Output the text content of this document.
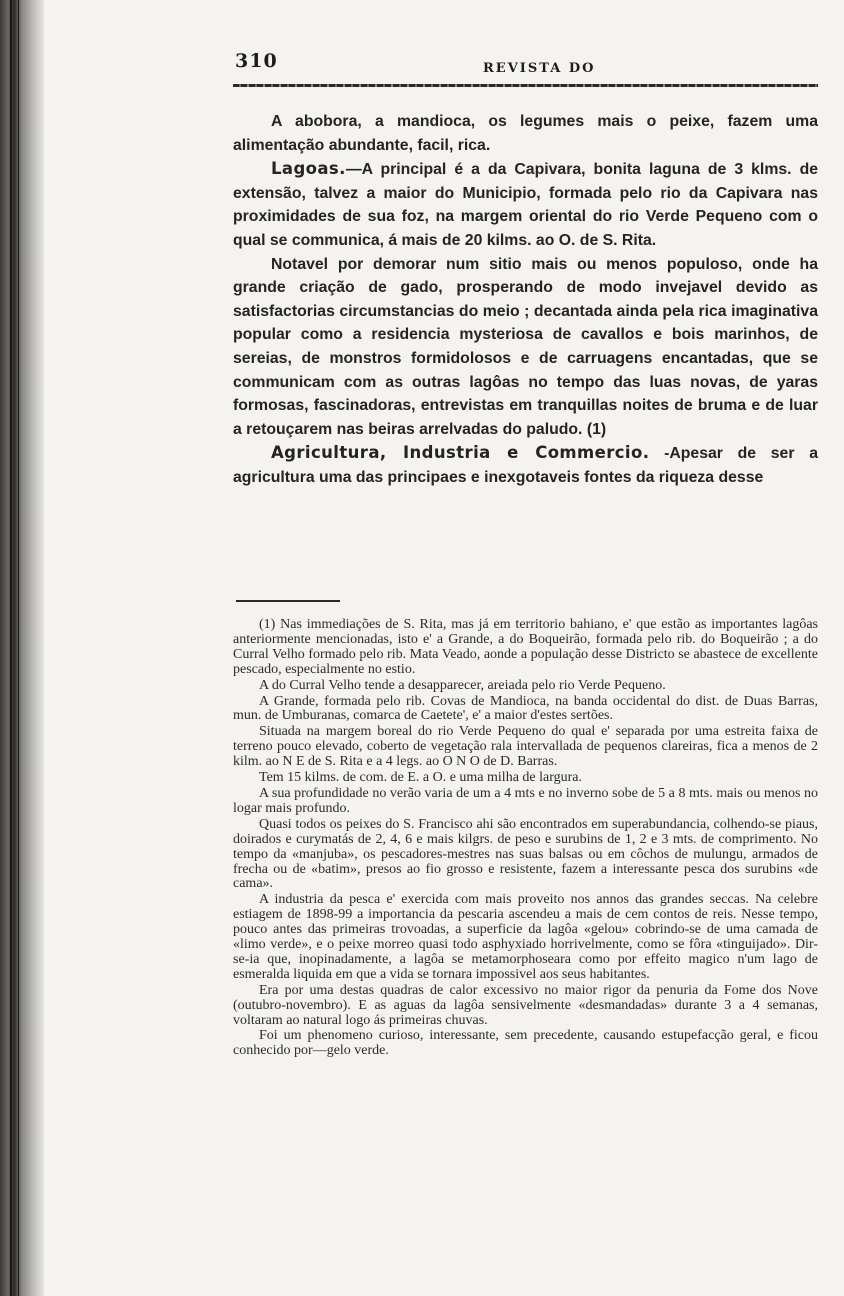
310	REVISTA DO

A abobora, a mandioca, os legumes mais o peixe, fazem uma alimentação abundante, facil, rica.

Lagoas.—A principal é a da Capivara, bonita laguna de 3 klms. de extensão, talvez a maior do Municipio, formada pelo rio da Capivara nas proximidades de sua foz, na margem oriental do rio Verde Pequeno com o qual se communica, á mais de 20 kilms. ao O. de S. Rita.

Notavel por demorar num sitio mais ou menos populoso, onde ha grande criação de gado, prosperando de modo invejavel devido as satisfactorias circumstancias do meio ; decantada ainda pela rica imaginativa popular como a residencia mysteriosa de cavallos e bois marinhos, de sereias, de monstros formidolosos e de carruagens encantadas, que se communicam com as outras lagôas no tempo das luas novas, de yaras formosas, fascinadoras, entrevistas em tranquillas noites de bruma e de luar a retouçarem nas beiras arrelvadas do paludo. (1)

Agricultura, Industria e Commercio. -Apesar de ser a agricultura uma das principaes e inexgotaveis fontes da riqueza desse

(1) Nas immediações de S. Rita, mas já em territorio bahiano, e' que estão as importantes lagôas anteriormente mencionadas, isto e' a Grande, a do Boqueirão, formada pelo rib. do Boqueirão ; a do Curral Velho formado pelo rib. Mata Veado, aonde a população desse Districto se abastece de excellente pescado, especialmente no estio.

A do Curral Velho tende a desapparecer, areiada pelo rio Verde Pequeno.

A Grande, formada pelo rib. Covas de Mandioca, na banda occidental do dist. de Duas Barras, mun. de Umburanas, comarca de Caetete', e' a maior d'estes sertões.

Situada na margem boreal do rio Verde Pequeno do qual e' separada por uma estreita faixa de terreno pouco elevado, coberto de vegetação rala intervallada de pequenos clareiras, fica a menos de 2 kilm. ao N E de S. Rita e a 4 legs. ao O N O de D. Barras.

Tem 15 kilms. de com. de E. a O. e uma milha de largura.

A sua profundidade no verão varia de um a 4 mts e no inverno sobe de 5 a 8 mts. mais ou menos no logar mais profundo.

Quasi todos os peixes do S. Francisco ahi são encontrados em superabundancia, colhendo-se piaus, doirados e curymatás de 2, 4, 6 e mais kilgrs. de peso e surubins de 1, 2 e 3 mts. de comprimento. No tempo da «manjuba», os pescadores-mestres nas suas balsas ou em côchos de mulungu, armados de frecha ou de «batim», presos ao fio grosso e resistente, fazem a interessante pesca dos surubins «de cama».

A industria da pesca e' exercida com mais proveito nos annos das grandes seccas. Na celebre estiagem de 1898-99 a importancia da pescaria ascendeu a mais de cem contos de reis. Nesse tempo, pouco antes das primeiras trovoadas, a superficie da lagôa «gelou» cobrindo-se de uma camada de «limo verde», e o peixe morreo quasi todo asphyxiado horrivelmente, como se fôra «tinguijado». Dir-se-ia que, inopinadamente, a lagôa se metamorphoseara como por effeito magico n'um lago de esmeralda liquida em que a vida se tornara impossivel aos seus habitantes.

Era por uma destas quadras de calor excessivo no maior rigor da penuria da Fome dos Nove (outubro-novembro). E as aguas da lagôa sensivelmente «desmandadas» durante 3 a 4 semanas, voltaram ao natural logo ás primeiras chuvas.

Foi um phenomeno curioso, interessante, sem precedente, causando estupefacção geral, e ficou conhecido por—gelo verde.
